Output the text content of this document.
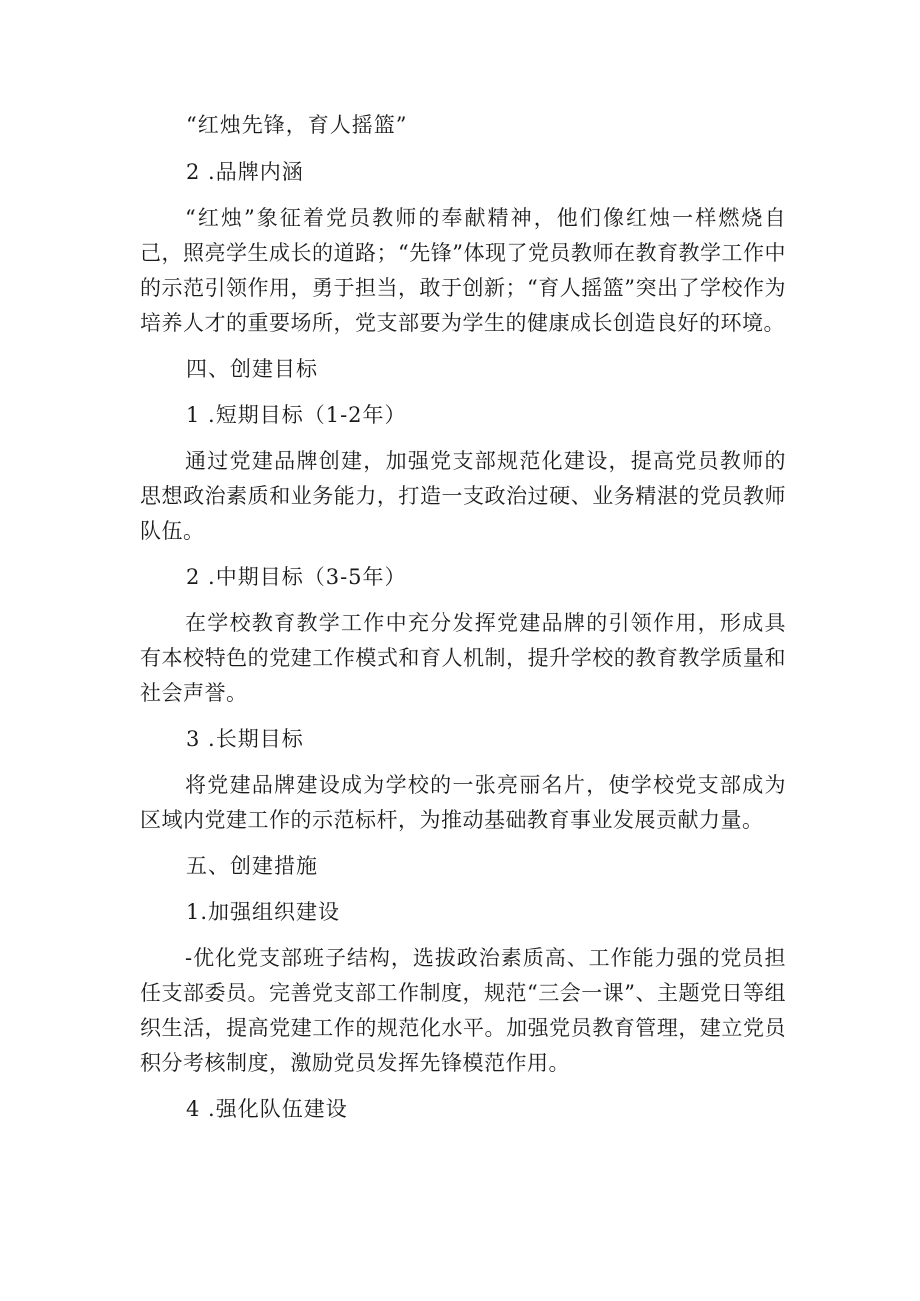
“红烛先锋，育人摇篮”

2 .品牌内涵

“红烛”象征着党员教师的奉献精神，他们像红烛一样燃烧自己，照亮学生成长的道路；“先锋”体现了党员教师在教育教学工作中的示范引领作用，勇于担当，敢于创新；“育人摇篮”突出了学校作为培养人才的重要场所，党支部要为学生的健康成长创造良好的环境。

四、创建目标

1 .短期目标（1-2年）

通过党建品牌创建，加强党支部规范化建设，提高党员教师的思想政治素质和业务能力，打造一支政治过硬、业务精湛的党员教师队伍。

2 .中期目标（3-5年）

在学校教育教学工作中充分发挥党建品牌的引领作用，形成具有本校特色的党建工作模式和育人机制，提升学校的教育教学质量和社会声誉。

3 .长期目标

将党建品牌建设成为学校的一张亮丽名片，使学校党支部成为区域内党建工作的示范标杆，为推动基础教育事业发展贡献力量。

五、创建措施

1.加强组织建设

-优化党支部班子结构，选拔政治素质高、工作能力强的党员担任支部委员。完善党支部工作制度，规范“三会一课”、主题党日等组织生活，提高党建工作的规范化水平。加强党员教育管理，建立党员积分考核制度，激励党员发挥先锋模范作用。

4 .强化队伍建设
